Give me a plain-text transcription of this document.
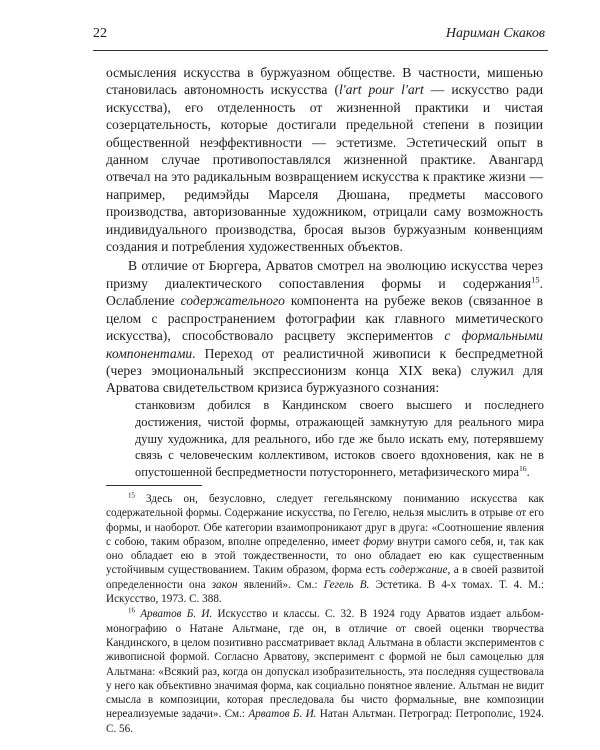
22	Нариман Скаков

осмысления искусства в буржуазном обществе. В частности, мишенью становилась автономность искусства (l'art pour l'art — искусство ради искусства), его отделенность от жизненной практики и чистая созерцательность, которые достигали предельной степени в позиции общественной неэффективности — эстетизме. Эстетический опыт в данном случае противопоставлялся жизненной практике. Авангард отвечал на это радикальным возвращением искусства к практике жизни — например, редимэйды Марселя Дюшана, предметы массового производства, авторизованные художником, отрицали саму возможность индивидуального производства, бросая вызов буржуазным конвенциям создания и потребления художественных объектов.

В отличие от Бюргера, Арватов смотрел на эволюцию искусства через призму диалектического сопоставления формы и содержания$^{15}$. Ослабление содержательного компонента на рубеже веков (связанное в целом с распространением фотографии как главного миметического искусства), способствовало расцвету экспериментов с формальными компонентами. Переход от реалистичной живописи к беспредметной (через эмоциональный экспрессионизм конца XIX века) служил для Арватова свидетельством кризиса буржуазного сознания:

станковизм добился в Кандинском своего высшего и последнего достижения, чистой формы, отражающей замкнутую для реального мира душу художника, для реального, ибо где же было искать ему, потерявшему связь с человеческим коллективом, истоков своего вдохновения, как не в опустошенной беспредметности потустороннего, метафизического мира$^{16}$.

$^{15}$ Здесь он, безусловно, следует гегельянскому пониманию искусства как содержательной формы. Содержание искусства, по Гегелю, нельзя мыслить в отрыве от его формы, и наоборот. Обе категории взаимопроникают друг в друга: «Соотношение явления с собою, таким образом, вполне определенно, имеет форму внутри самого себя, и, так как оно обладает ею в этой тождественности, то оно обладает ею как существенным устойчивым существованием. Таким образом, форма есть содержание, а в своей развитой определенности она закон явлений». См.: Гегель В. Эстетика. В 4-х томах. Т. 4. М.: Искусство, 1973. С. 388.

$^{16}$ Арватов Б. И. Искусство и классы. С. 32. В 1924 году Арватов издает альбом-монографию о Натане Альтмане, где он, в отличие от своей оценки творчества Кандинского, в целом позитивно рассматривает вклад Альтмана в области экспериментов с живописной формой. Согласно Арватову, эксперимент с формой не был самоцелью для Альтмана: «Всякий раз, когда он допускал изобразительность, эта последняя существовала у него как объективно значимая форма, как социально понятное явление. Альтман не видит смысла в композиции, которая преследовала бы чисто формальные, вне композиции нереализуемые задачи». См.: Арватов Б. И. Натан Альтман. Петроград: Петрополис, 1924. С. 56.
